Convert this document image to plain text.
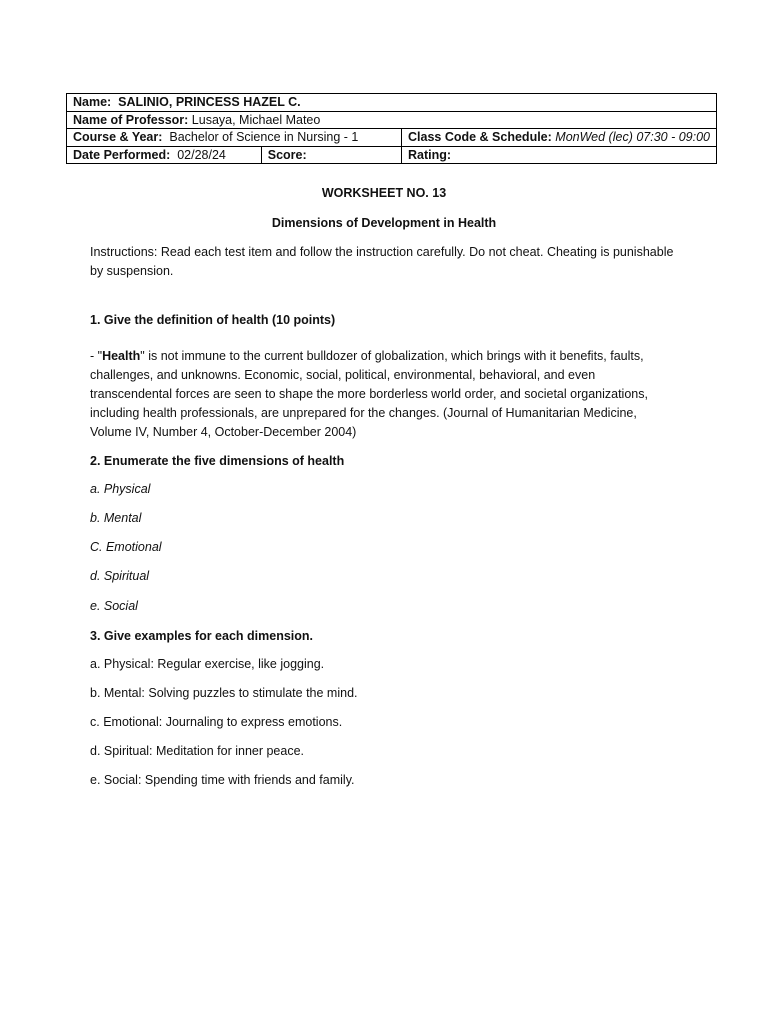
Name: SALINIO, PRINCESS HAZEL C.		
Name of Professor: Lusaya, Michael Mateo		
Course & Year: Bachelor of Science in Nursing - 1		Class Code & Schedule: MonWed (lec) 07:30 - 09:00
Date Performed: 02/28/24	Score:	Rating:
WORKSHEET NO. 13
Dimensions of Development in Health
Instructions: Read each test item and follow the instruction carefully. Do not cheat. Cheating is punishable by suspension.
1. Give the definition of health (10 points)
- "Health" is not immune to the current bulldozer of globalization, which brings with it benefits, faults, challenges, and unknowns. Economic, social, political, environmental, behavioral, and even transcendental forces are seen to shape the more borderless world order, and societal organizations, including health professionals, are unprepared for the changes. (Journal of Humanitarian Medicine, Volume IV, Number 4, October-December 2004)
2. Enumerate the five dimensions of health
a. Physical
b. Mental
C. Emotional
d. Spiritual
e. Social
3. Give examples for each dimension.
a. Physical: Regular exercise, like jogging.
b. Mental: Solving puzzles to stimulate the mind.
c. Emotional: Journaling to express emotions.
d. Spiritual: Meditation for inner peace.
e. Social: Spending time with friends and family.
